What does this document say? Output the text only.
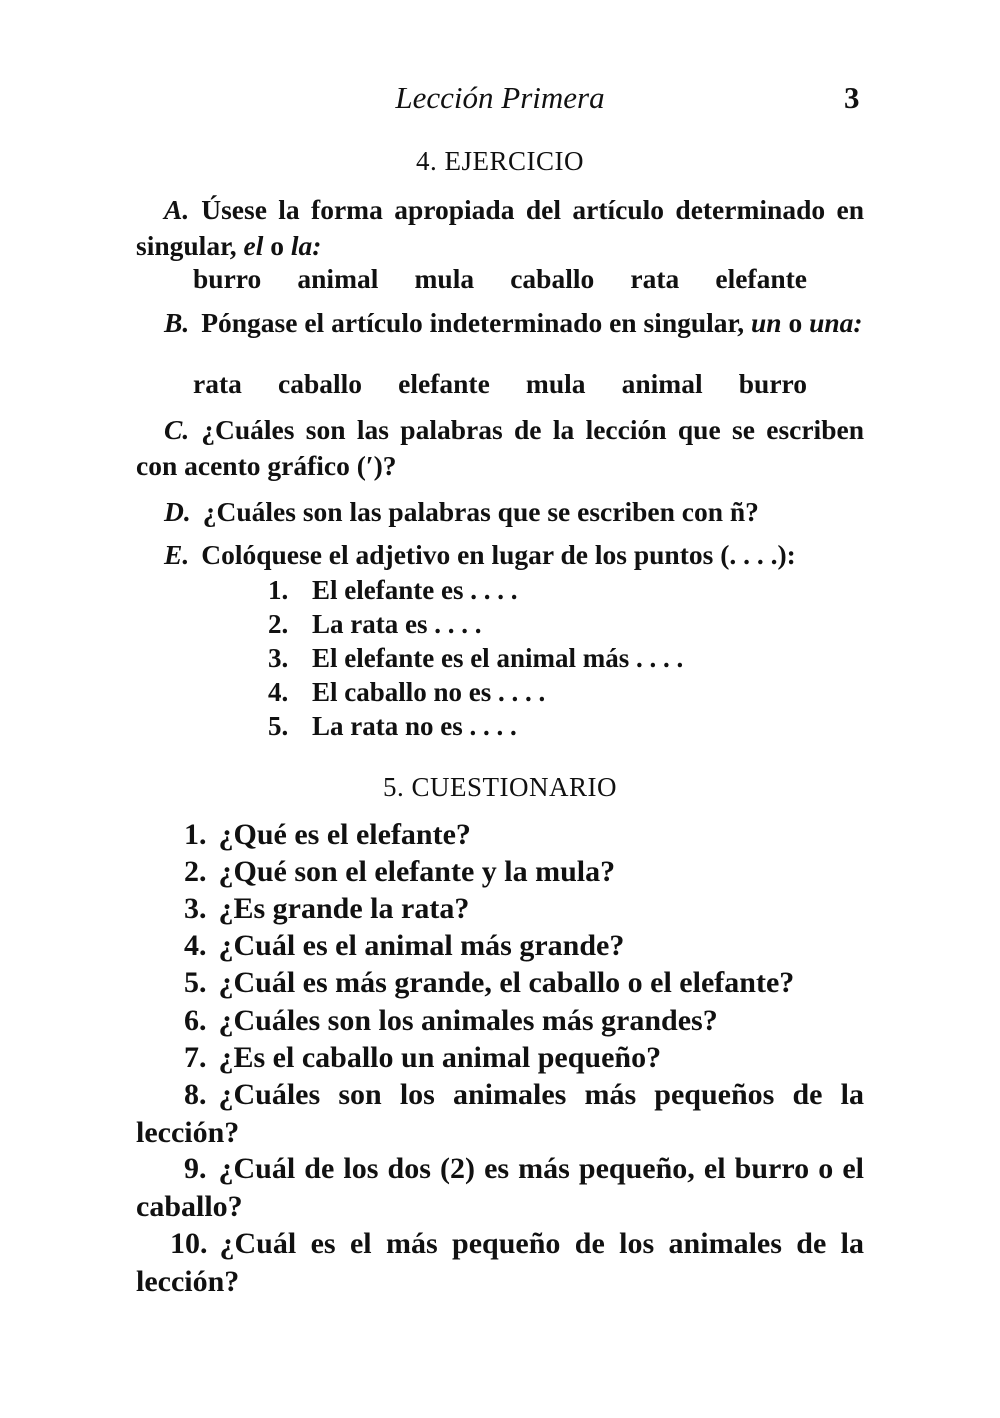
Lección Primera	3
4. EJERCICIO
A. Úsese la forma apropiada del artículo determinado en singular, el o la:
burro animal mula caballo rata elefante
B. Póngase el artículo indeterminado en singular, un o una:
rata caballo elefante mula animal burro
C. ¿Cuáles son las palabras de la lección que se escriben con acento gráfico (′)?
D. ¿Cuáles son las palabras que se escriben con ñ?
E. Colóquese el adjetivo en lugar de los puntos (. . . .):
1. El elefante es . . . .
2. La rata es . . . .
3. El elefante es el animal más . . . .
4. El caballo no es . . . .
5. La rata no es . . . .
5. CUESTIONARIO
1. ¿Qué es el elefante?
2. ¿Qué son el elefante y la mula?
3. ¿Es grande la rata?
4. ¿Cuál es el animal más grande?
5. ¿Cuál es más grande, el caballo o el elefante?
6. ¿Cuáles son los animales más grandes?
7. ¿Es el caballo un animal pequeño?
8. ¿Cuáles son los animales más pequeños de la lección?
9. ¿Cuál de los dos (2) es más pequeño, el burro o el caballo?
10. ¿Cuál es el más pequeño de los animales de la lección?
